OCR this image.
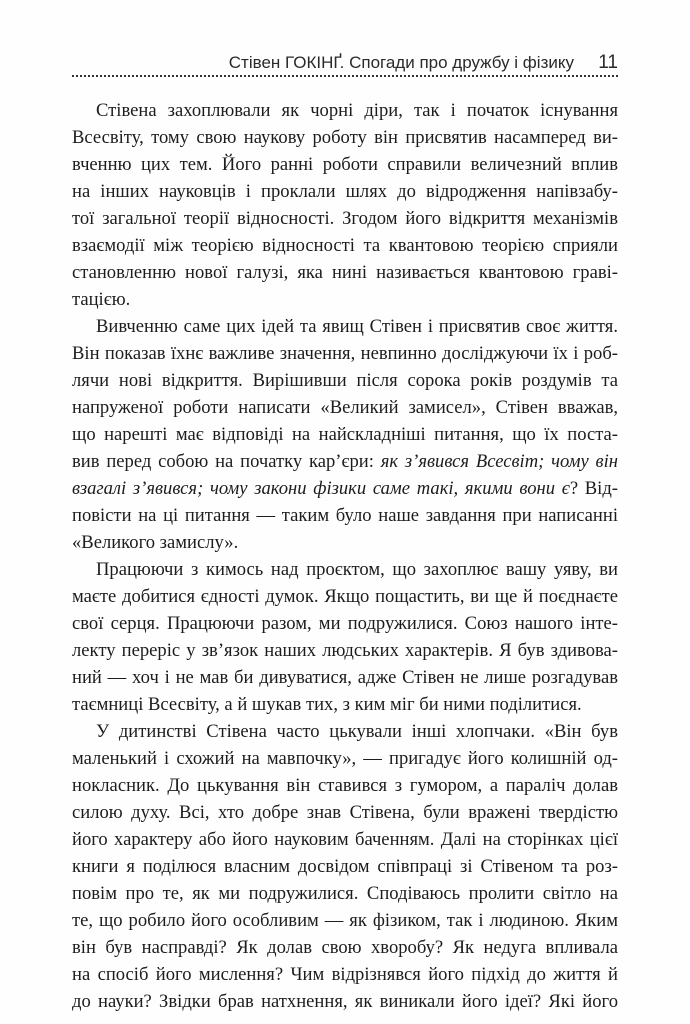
Стівен ГОКІНҐ. Спогади про дружбу і фізику 11

Стівена захоплювали як чорні діри, так і початок існування
Всесвіту, тому свою наукову роботу він присвятив насамперед ви-
вченню цих тем. Його ранні роботи справили величезний вплив
на інших науковців і проклали шлях до відродження напівзабу-
тої загальної теорії відносності. Згодом його відкриття механізмів
взаємодії між теорією відносності та квантовою теорією сприяли
становленню нової галузі, яка нині називається квантовою граві-
тацією.

Вивченню саме цих ідей та явищ Стівен і присвятив своє життя.
Він показав їхнє важливе значення, невпинно досліджуючи їх і роб-
лячи нові відкриття. Вирішивши після сорока років роздумів та
напруженої роботи написати «Великий замисел», Стівен вважав,
що нарешті має відповіді на найскладніші питання, що їх поста-
вив перед собою на початку кар’єри: як з’явився Всесвіт; чому він
взагалі з’явився; чому закони фізики саме такі, якими вони є? Від-
повісти на ці питання — таким було наше завдання при написанні
«Великого замислу».

Працюючи з кимось над проєктом, що захоплює вашу уяву, ви
маєте добитися єдності думок. Якщо пощастить, ви ще й поєднаєте
свої серця. Працюючи разом, ми подружилися. Союз нашого інте-
лекту переріс у зв’язок наших людських характерів. Я був здивова-
ний — хоч і не мав би дивуватися, адже Стівен не лише розгадував
таємниці Всесвіту, а й шукав тих, з ким міг би ними поділитися.

У дитинстві Стівена часто цькували інші хлопчаки. «Він був
маленький і схожий на мавпочку», — пригадує його колишній од-
нокласник. До цькування він ставився з гумором, а параліч долав
силою духу. Всі, хто добре знав Стівена, були вражені твердістю
його характеру або його науковим баченням. Далі на сторінках цієї
книги я поділюся власним досвідом співпраці зі Стівеном та роз-
повім про те, як ми подружилися. Сподіваюсь пролити світло на
те, що робило його особливим — як фізиком, так і людиною. Яким
він був насправді? Як долав свою хворобу? Як недуга впливала
на спосіб його мислення? Чим відрізнявся його підхід до життя й
до науки? Звідки брав натхнення, як виникали його ідеї? Які його
